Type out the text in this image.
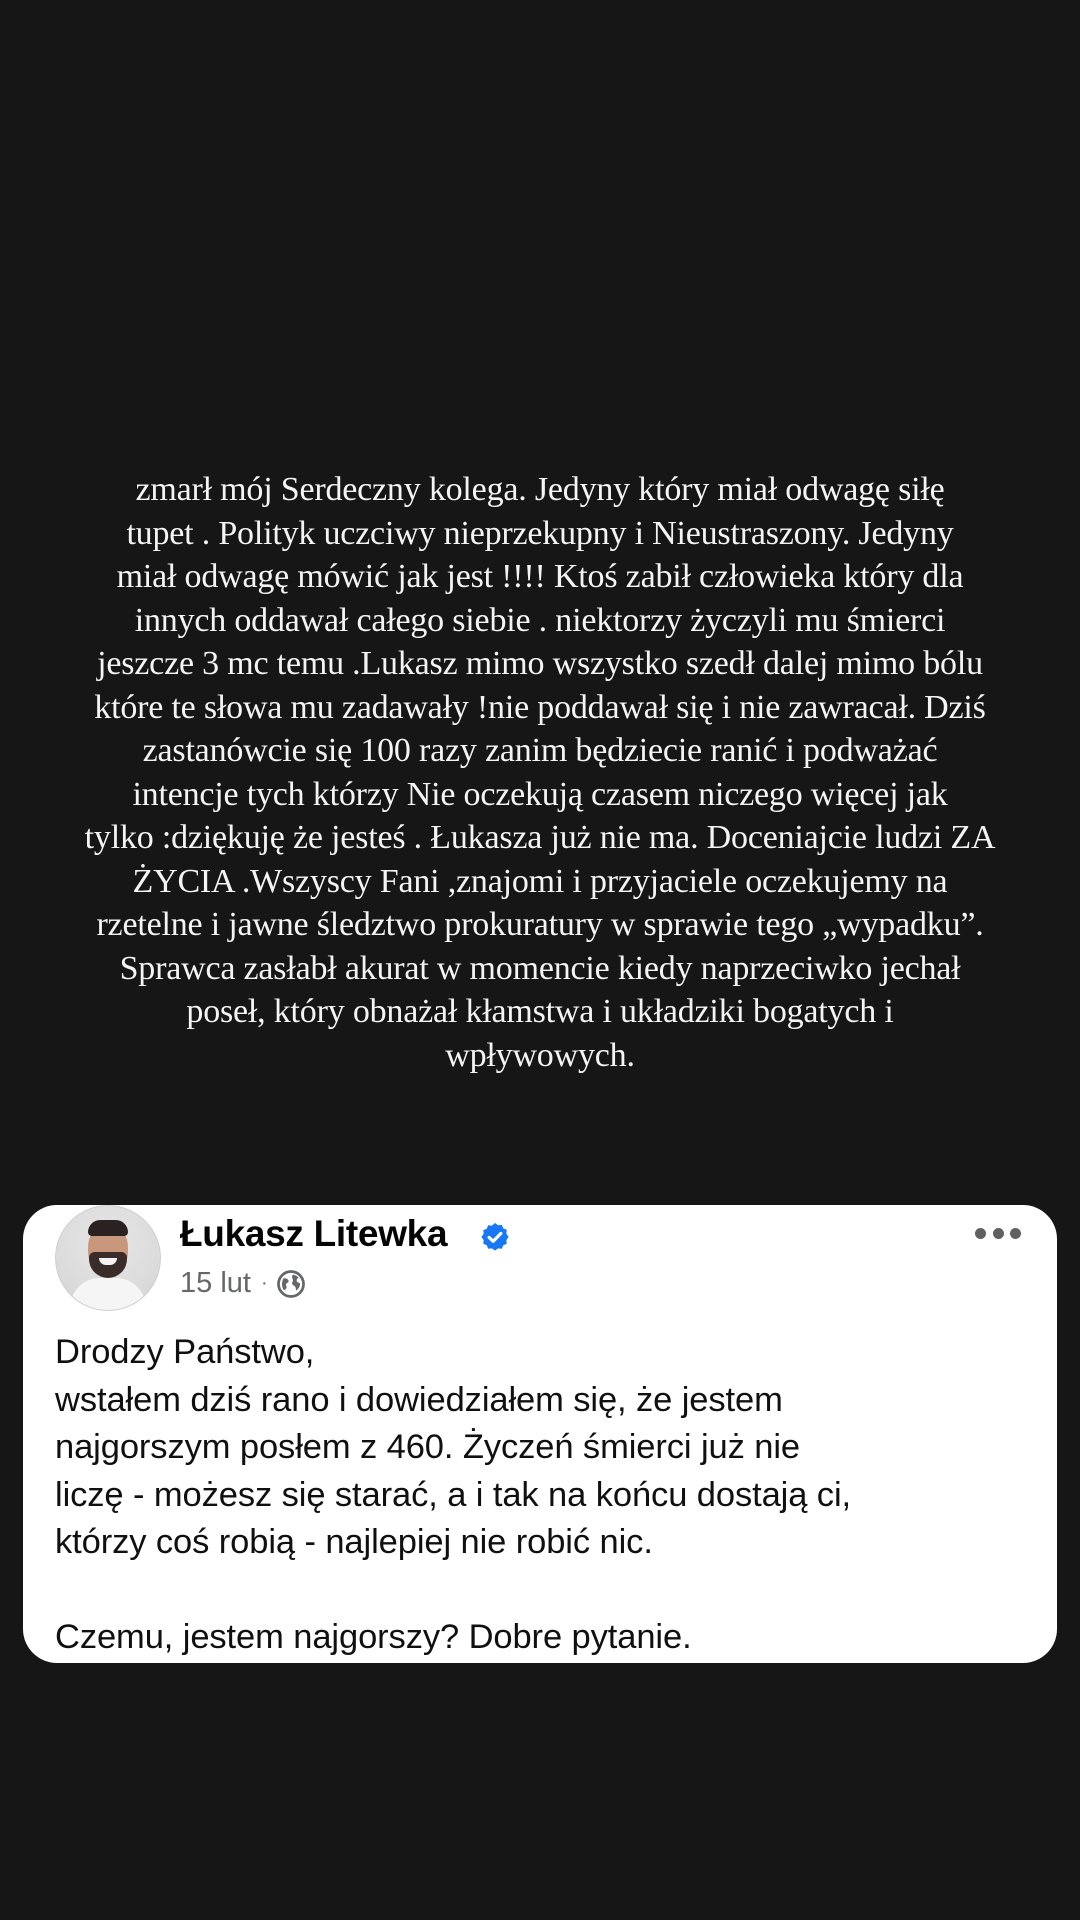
zmarł mój Serdeczny kolega. Jedyny który miał odwagę siłę
tupet . Polityk uczciwy nieprzekupny i Nieustraszony. Jedyny
miał odwagę mówić jak jest !!!! Ktoś zabił człowieka który dla
innych oddawał całego siebie . niektorzy życzyli mu śmierci
jeszcze 3 mc temu .Lukasz mimo wszystko szedł dalej mimo bólu
które te słowa mu zadawały !nie poddawał się i nie zawracał. Dziś
zastanówcie się 100 razy zanim będziecie ranić i podważać
intencje tych którzy Nie oczekują czasem niczego więcej jak
tylko :dziękuję że jesteś . Łukasza już nie ma. Doceniajcie ludzi ZA
ŻYCIA .Wszyscy Fani ,znajomi i przyjaciele oczekujemy na
rzetelne i jawne śledztwo prokuratury w sprawie tego „wypadku”.
Sprawca zasłabł akurat w momencie kiedy naprzeciwko jechał
poseł, który obnażał kłamstwa i układziki bogatych i
wpływowych.
Łukasz Litewka
15 lut ·
Drodzy Państwo,
wstałem dziś rano i dowiedziałem się, że jestem
najgorszym posłem z 460. Życzeń śmierci już nie
liczę - możesz się starać, a i tak na końcu dostają ci,
którzy coś robią - najlepiej nie robić nic.
Czemu, jestem najgorszy? Dobre pytanie.
